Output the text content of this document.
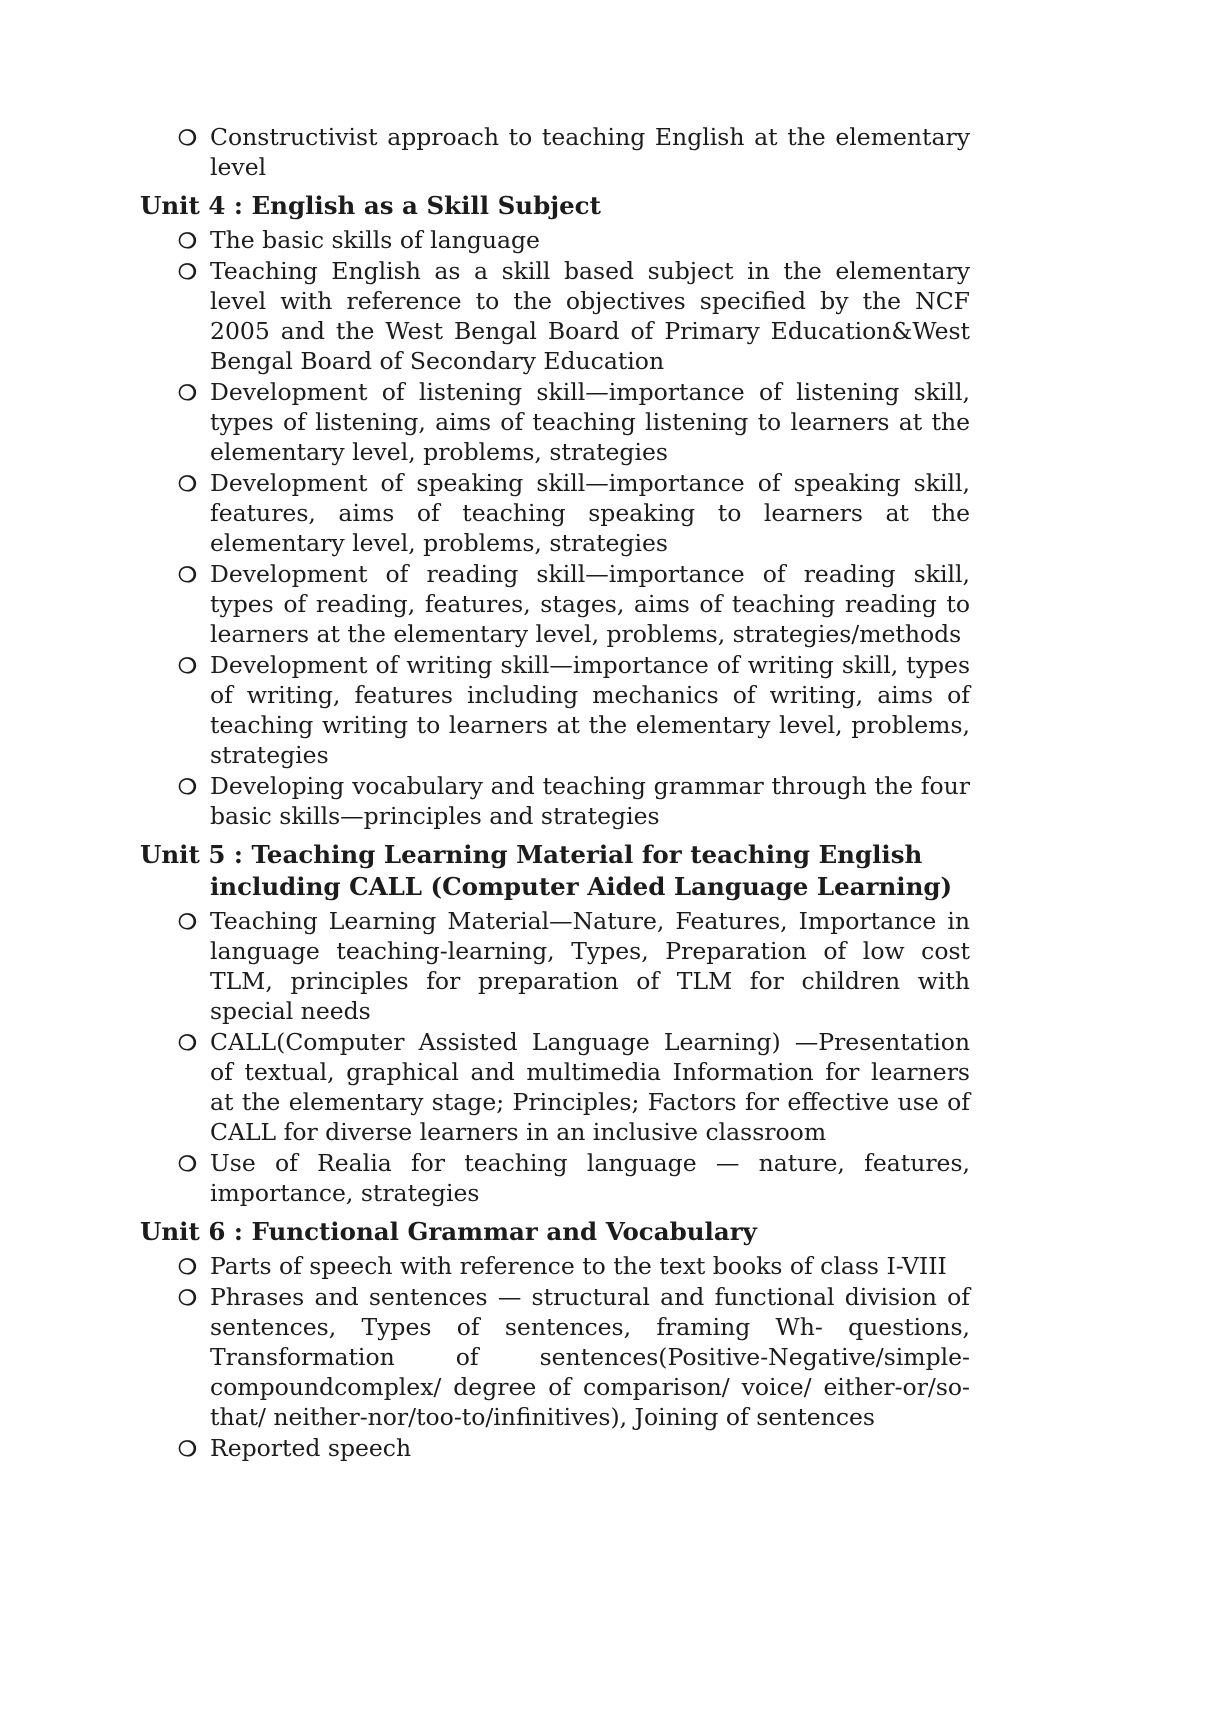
❍ Constructivist approach to teaching English at the elementary level
Unit 4 : English as a Skill Subject
❍ The basic skills of language
❍ Teaching English as a skill based subject in the elementary level with reference to the objectives specified by the NCF 2005 and the West Bengal Board of Primary Education&West Bengal Board of Secondary Education
❍ Development of listening skill—importance of listening skill, types of listening, aims of teaching listening to learners at the elementary level, problems, strategies
❍ Development of speaking skill—importance of speaking skill, features, aims of teaching speaking to learners at the elementary level, problems, strategies
❍ Development of reading skill—importance of reading skill, types of reading, features, stages, aims of teaching reading to learners at the elementary level, problems, strategies/methods
❍ Development of writing skill—importance of writing skill, types of writing, features including mechanics of writing, aims of teaching writing to learners at the elementary level, problems, strategies
❍ Developing vocabulary and teaching grammar through the four basic skills—principles and strategies
Unit 5 : Teaching Learning Material for teaching English including CALL (Computer Aided Language Learning)
❍ Teaching Learning Material—Nature, Features, Importance in language teaching-learning, Types, Preparation of low cost TLM, principles for preparation of TLM for children with special needs
❍ CALL(Computer Assisted Language Learning) —Presentation of textual, graphical and multimedia Information for learners at the elementary stage; Principles; Factors for effective use of CALL for diverse learners in an inclusive classroom
❍ Use of Realia for teaching language — nature, features, importance, strategies
Unit 6 : Functional Grammar and Vocabulary
❍ Parts of speech with reference to the text books of class I-VIII
❍ Phrases and sentences — structural and functional division of sentences, Types of sentences, framing Wh- questions, Transformation of sentences(Positive-Negative/simple-compoundcomplex/ degree of comparison/ voice/ either-or/so-that/ neither-nor/too-to/infinitives), Joining of sentences
❍ Reported speech
